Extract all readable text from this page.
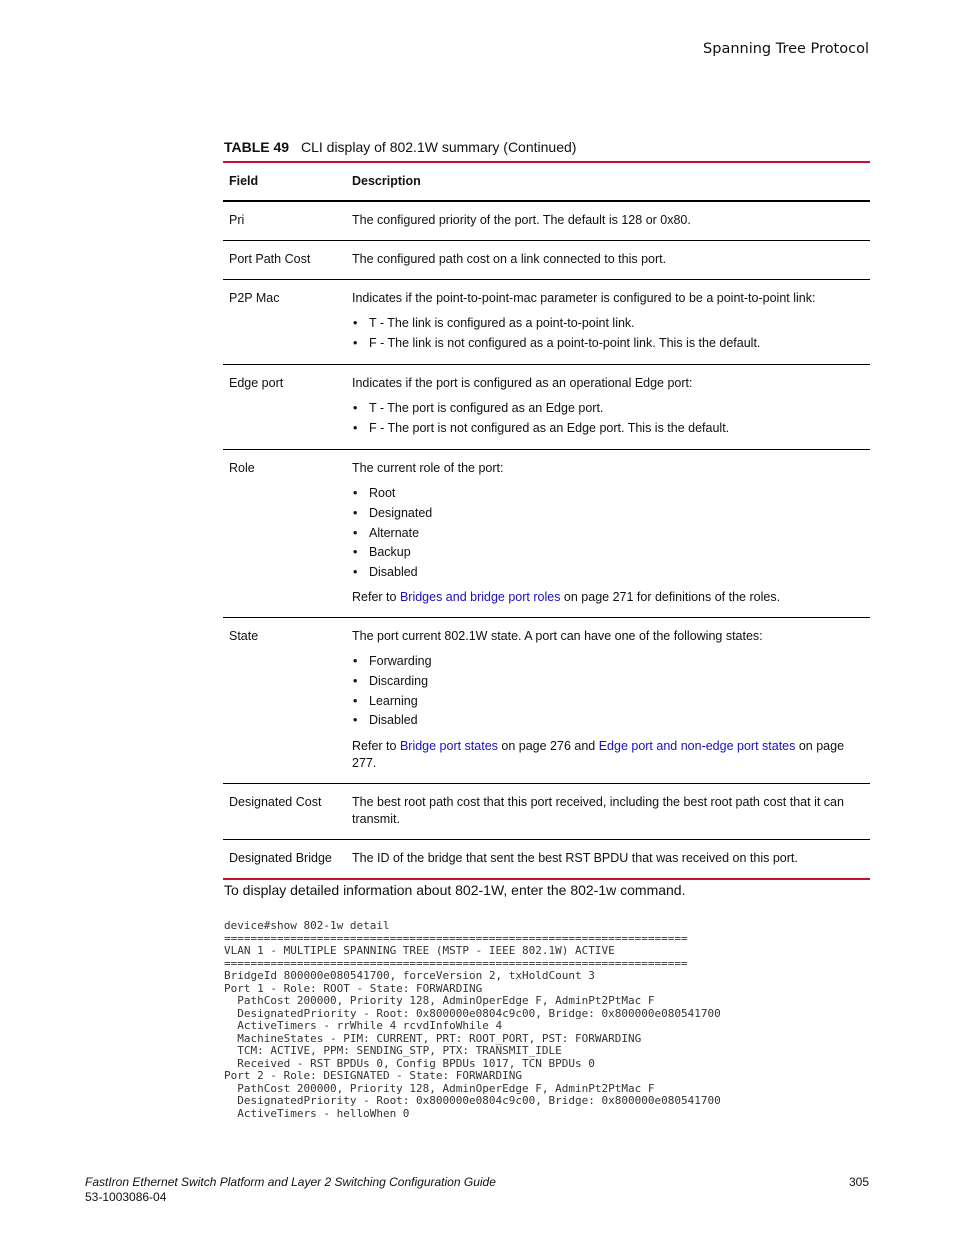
Spanning Tree Protocol
TABLE 49 CLI display of 802.1W summary (Continued)
Field	Description
Pri	The configured priority of the port. The default is 128 or 0x80.
Port Path Cost	The configured path cost on a link connected to this port.
P2P Mac	Indicates if the point-to-point-mac parameter is configured to be a point-to-point link:
• T - The link is configured as a point-to-point link.
• F - The link is not configured as a point-to-point link. This is the default.
Edge port	Indicates if the port is configured as an operational Edge port:
• T - The port is configured as an Edge port.
• F - The port is not configured as an Edge port. This is the default.
Role	The current role of the port:
• Root
• Designated
• Alternate
• Backup
• Disabled
Refer to Bridges and bridge port roles on page 271 for definitions of the roles.
State	The port current 802.1W state. A port can have one of the following states:
• Forwarding
• Discarding
• Learning
• Disabled
Refer to Bridge port states on page 276 and Edge port and non-edge port states on page 277.
Designated Cost	The best root path cost that this port received, including the best root path cost that it can transmit.
Designated Bridge	The ID of the bridge that sent the best RST BPDU that was received on this port.
To display detailed information about 802-1W, enter the 802-1w command.
device#show 802-1w detail
======================================================================
VLAN 1 - MULTIPLE SPANNING TREE (MSTP - IEEE 802.1W) ACTIVE
======================================================================
BridgeId 800000e080541700, forceVersion 2, txHoldCount 3
Port 1 - Role: ROOT - State: FORWARDING
PathCost 200000, Priority 128, AdminOperEdge F, AdminPt2PtMac F
DesignatedPriority - Root: 0x800000e0804c9c00, Bridge: 0x800000e080541700
ActiveTimers - rrWhile 4 rcvdInfoWhile 4
MachineStates - PIM: CURRENT, PRT: ROOT_PORT, PST: FORWARDING
TCM: ACTIVE, PPM: SENDING_STP, PTX: TRANSMIT_IDLE
Received - RST BPDUs 0, Config BPDUs 1017, TCN BPDUs 0
Port 2 - Role: DESIGNATED - State: FORWARDING
PathCost 200000, Priority 128, AdminOperEdge F, AdminPt2PtMac F
DesignatedPriority - Root: 0x800000e0804c9c00, Bridge: 0x800000e080541700
ActiveTimers - helloWhen 0
FastIron Ethernet Switch Platform and Layer 2 Switching Configuration Guide
53-1003086-04
305
